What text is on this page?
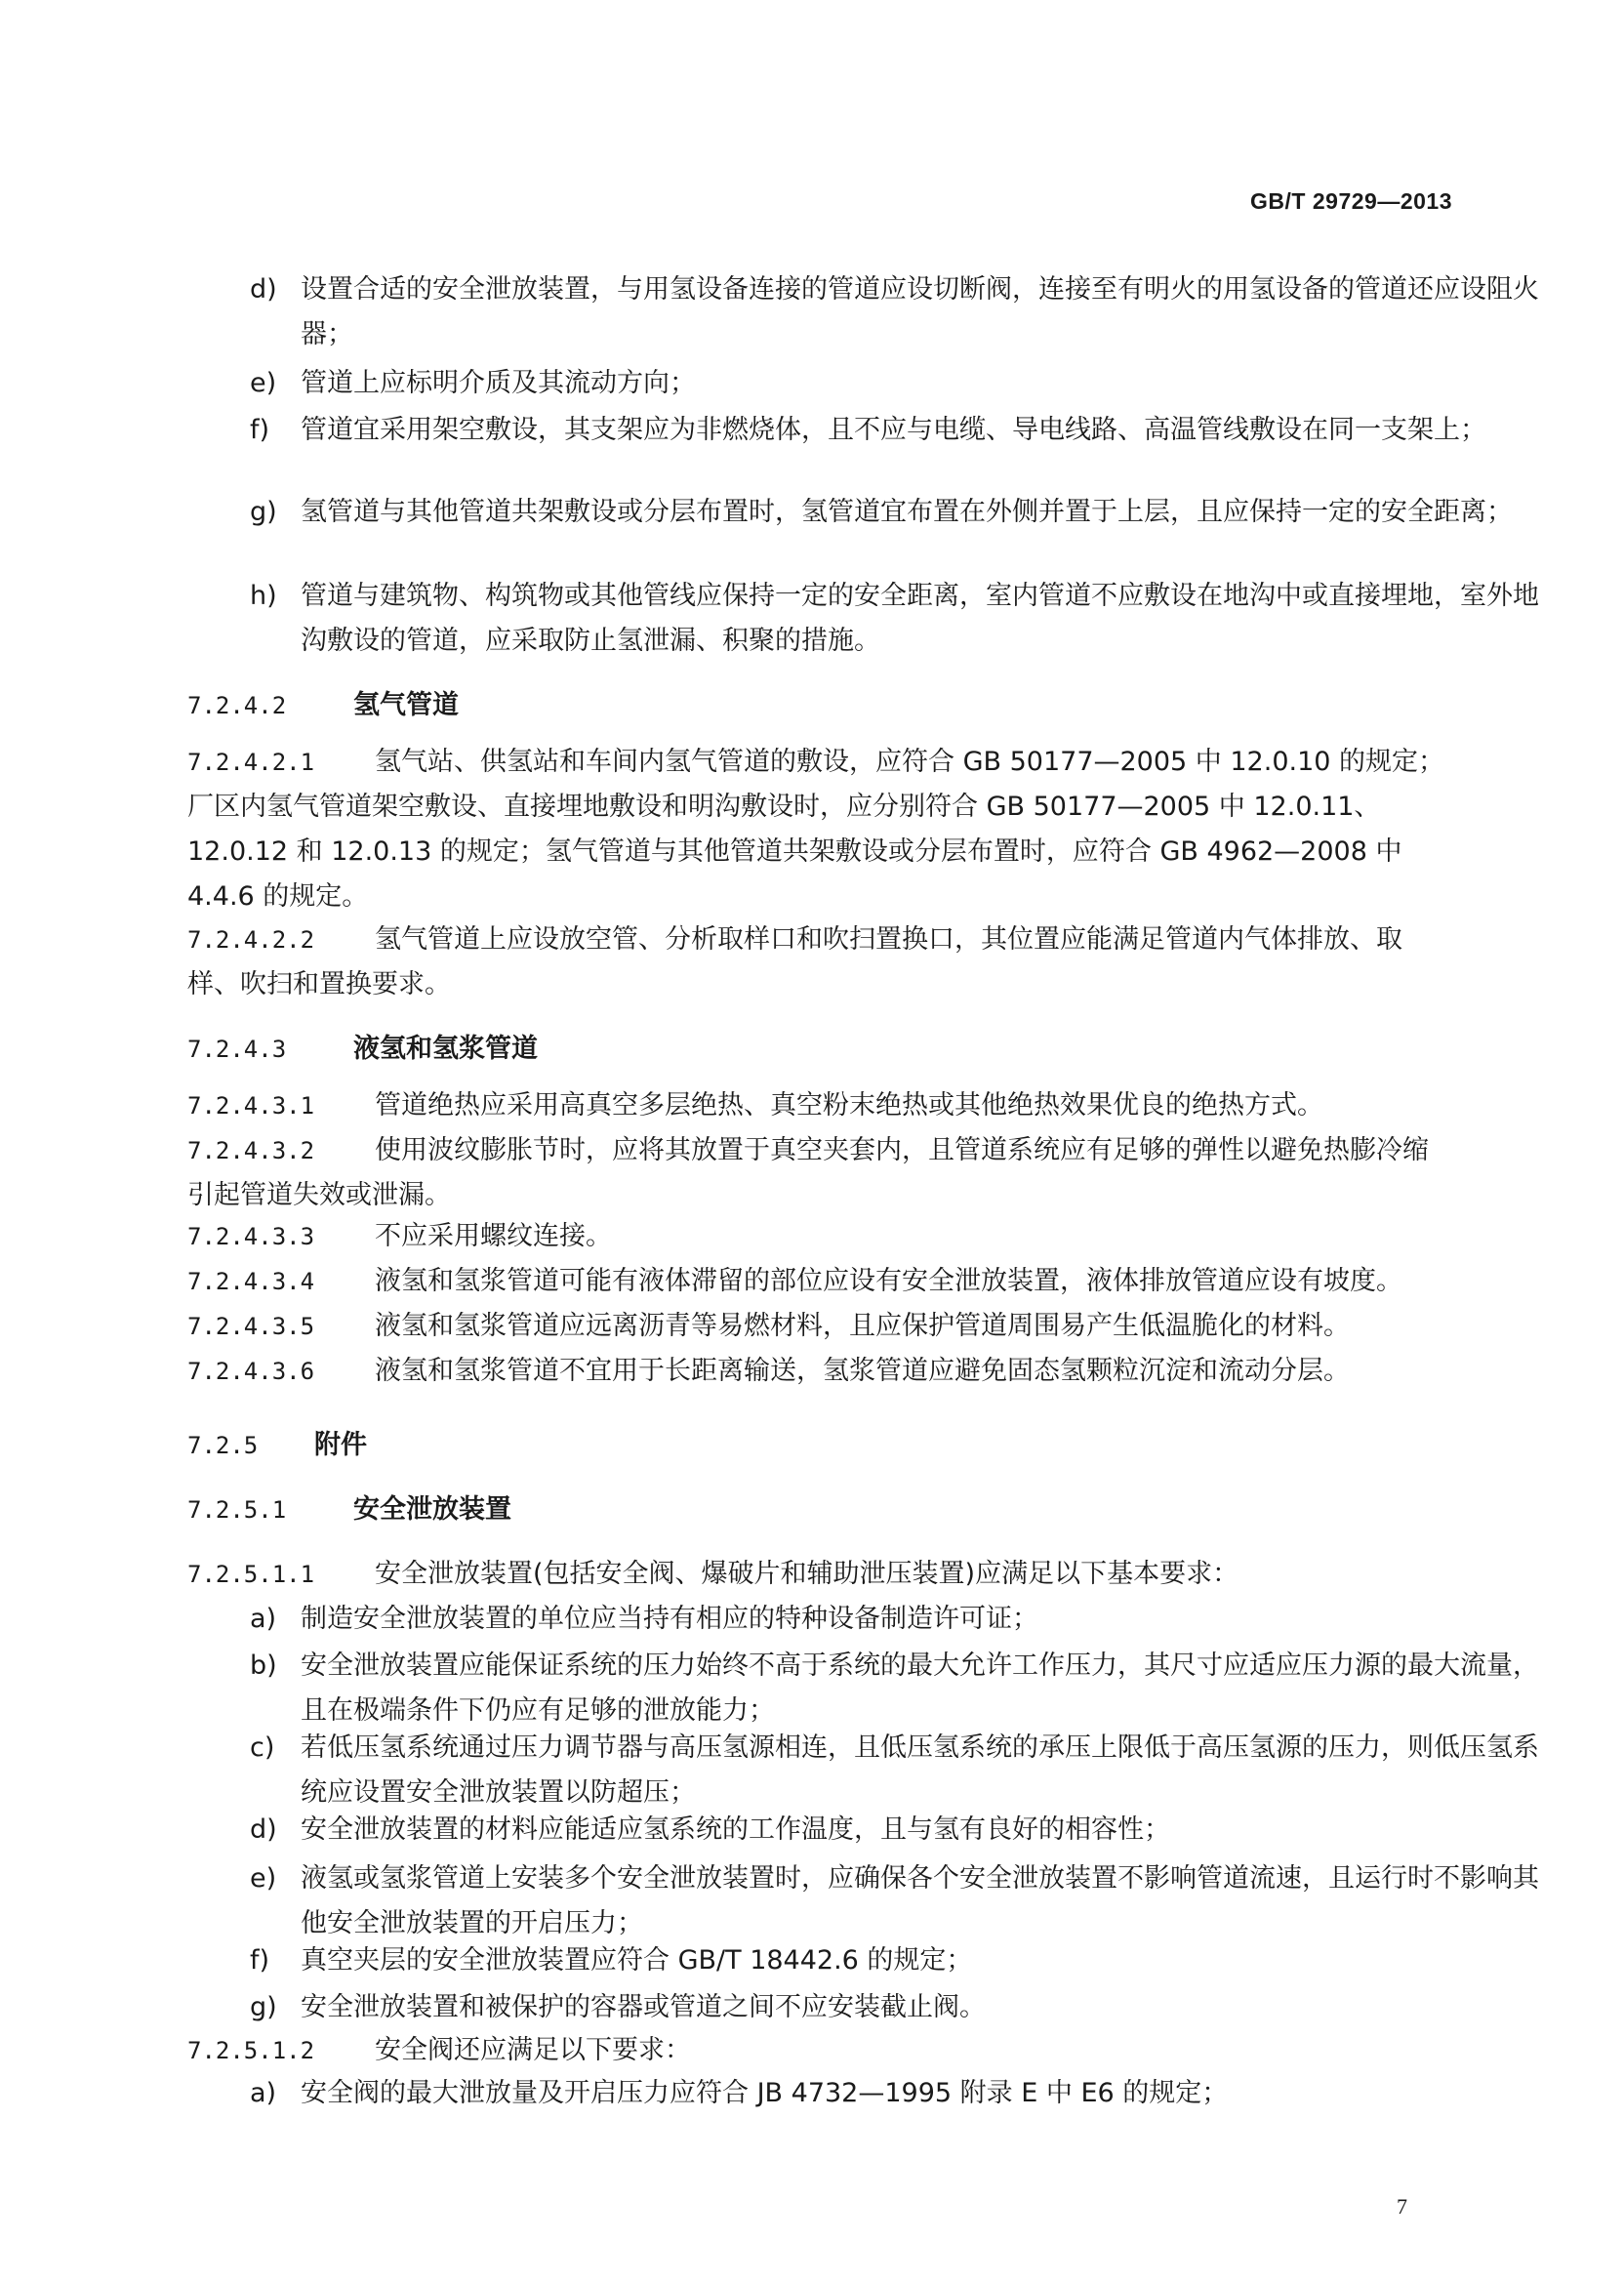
GB/T 29729—2013
d) 设置合适的安全泄放装置，与用氢设备连接的管道应设切断阀，连接至有明火的用氢设备的管道还应设阻火器；
e) 管道上应标明介质及其流动方向；
f) 管道宜采用架空敷设，其支架应为非燃烧体，且不应与电缆、导电线路、高温管线敷设在同一支架上；
g) 氢管道与其他管道共架敷设或分层布置时，氢管道宜布置在外侧并置于上层，且应保持一定的安全距离；
h) 管道与建筑物、构筑物或其他管线应保持一定的安全距离，室内管道不应敷设在地沟中或直接埋地，室外地沟敷设的管道，应采取防止氢泄漏、积聚的措施。
7.2.4.2	氢气管道
7.2.4.2.1 氢气站、供氢站和车间内氢气管道的敷设，应符合 GB 50177—2005 中 12.0.10 的规定；厂区内氢气管道架空敷设、直接埋地敷设和明沟敷设时，应分别符合 GB 50177—2005 中 12.0.11、12.0.12 和 12.0.13 的规定；氢气管道与其他管道共架敷设或分层布置时，应符合 GB 4962—2008 中 4.4.6 的规定。
7.2.4.2.2 氢气管道上应设放空管、分析取样口和吹扫置换口，其位置应能满足管道内气体排放、取样、吹扫和置换要求。
7.2.4.3	液氢和氢浆管道
7.2.4.3.1 管道绝热应采用高真空多层绝热、真空粉末绝热或其他绝热效果优良的绝热方式。
7.2.4.3.2 使用波纹膨胀节时，应将其放置于真空夹套内，且管道系统应有足够的弹性以避免热膨冷缩引起管道失效或泄漏。
7.2.4.3.3 不应采用螺纹连接。
7.2.4.3.4 液氢和氢浆管道可能有液体滞留的部位应设有安全泄放装置，液体排放管道应设有坡度。
7.2.4.3.5 液氢和氢浆管道应远离沥青等易燃材料，且应保护管道周围易产生低温脆化的材料。
7.2.4.3.6 液氢和氢浆管道不宜用于长距离输送，氢浆管道应避免固态氢颗粒沉淀和流动分层。
7.2.5 附件
7.2.5.1	安全泄放装置
7.2.5.1.1 安全泄放装置(包括安全阀、爆破片和辅助泄压装置)应满足以下基本要求：
a) 制造安全泄放装置的单位应当持有相应的特种设备制造许可证；
b) 安全泄放装置应能保证系统的压力始终不高于系统的最大允许工作压力，其尺寸应适应压力源的最大流量，且在极端条件下仍应有足够的泄放能力；
c) 若低压氢系统通过压力调节器与高压氢源相连，且低压氢系统的承压上限低于高压氢源的压力，则低压氢系统应设置安全泄放装置以防超压；
d) 安全泄放装置的材料应能适应氢系统的工作温度，且与氢有良好的相容性；
e) 液氢或氢浆管道上安装多个安全泄放装置时，应确保各个安全泄放装置不影响管道流速，且运行时不影响其他安全泄放装置的开启压力；
f) 真空夹层的安全泄放装置应符合 GB/T 18442.6 的规定；
g) 安全泄放装置和被保护的容器或管道之间不应安装截止阀。
7.2.5.1.2 安全阀还应满足以下要求：
a) 安全阀的最大泄放量及开启压力应符合 JB 4732—1995 附录 E 中 E6 的规定；
7
